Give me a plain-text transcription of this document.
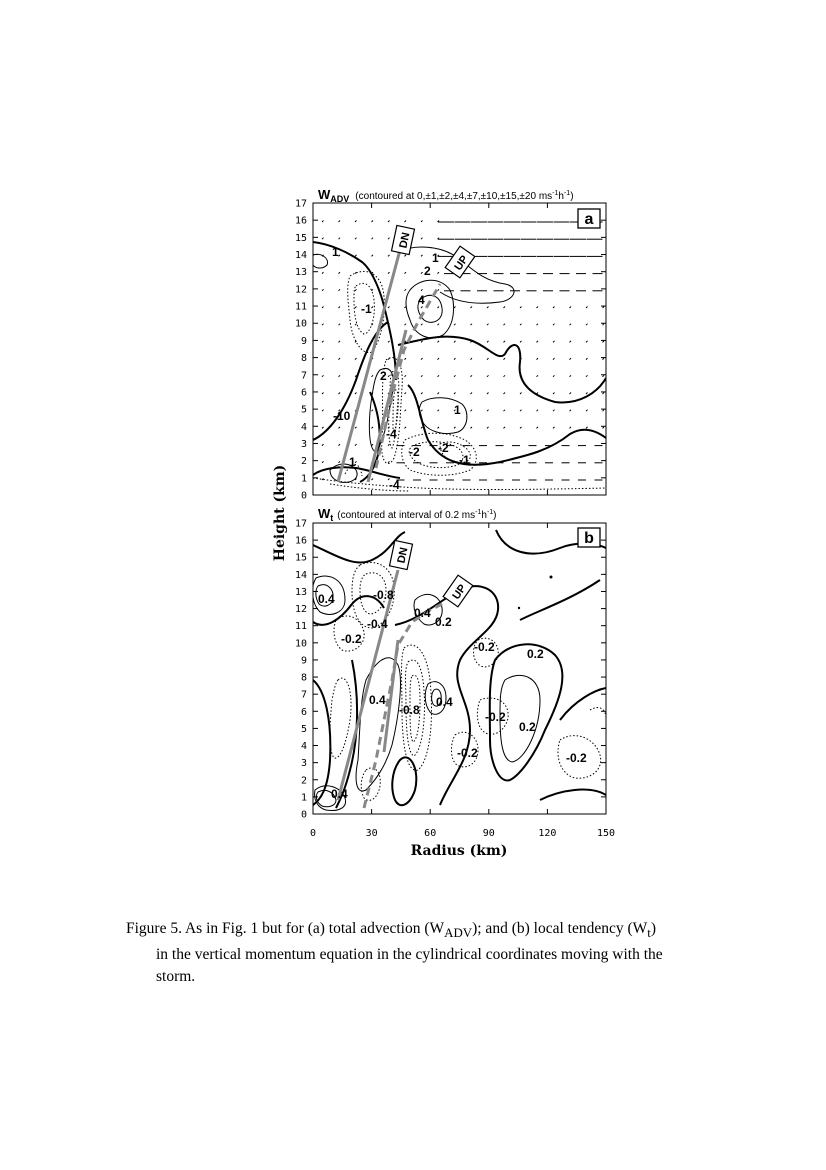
$W_{ADV}$ $^{(contoured at 0,\pm 1,\pm 2,\pm 4,\pm 7,\pm 10,\pm 15,\pm 20 ms-1}_h^{-1}_)$
0
1
2
3
4
5
6
7
8
9
10
11
12
13
14
15
16
17
a
DN
UP
1	1
2
4
-1
2
1
-10
-4
-2 -2
-1
1
-4
$W_t$ $^{(contoured at interval of 0.2 ms-1}_h^{-1}_)$
0
1
2
3
4
5
6
7
8
9
10
11
12
13
14
15
16
17
b
DN
UP
0.4	-0.8
-0.4
-0.2
0.4
0.2
-0.2	0.2
0.4
-0.8
0.4
-0.2
0.2
-0.2	-0.2
0.4
0	30	60	90	120	150
Radius (km)
Height (km)
Figure 5. As in Fig. 1 but for (a) total advection $(W_{ADV})$; and (b) local tendency $(W_t)$
in the vertical momentum equation in the cylindrical coordinates moving with the
storm.
